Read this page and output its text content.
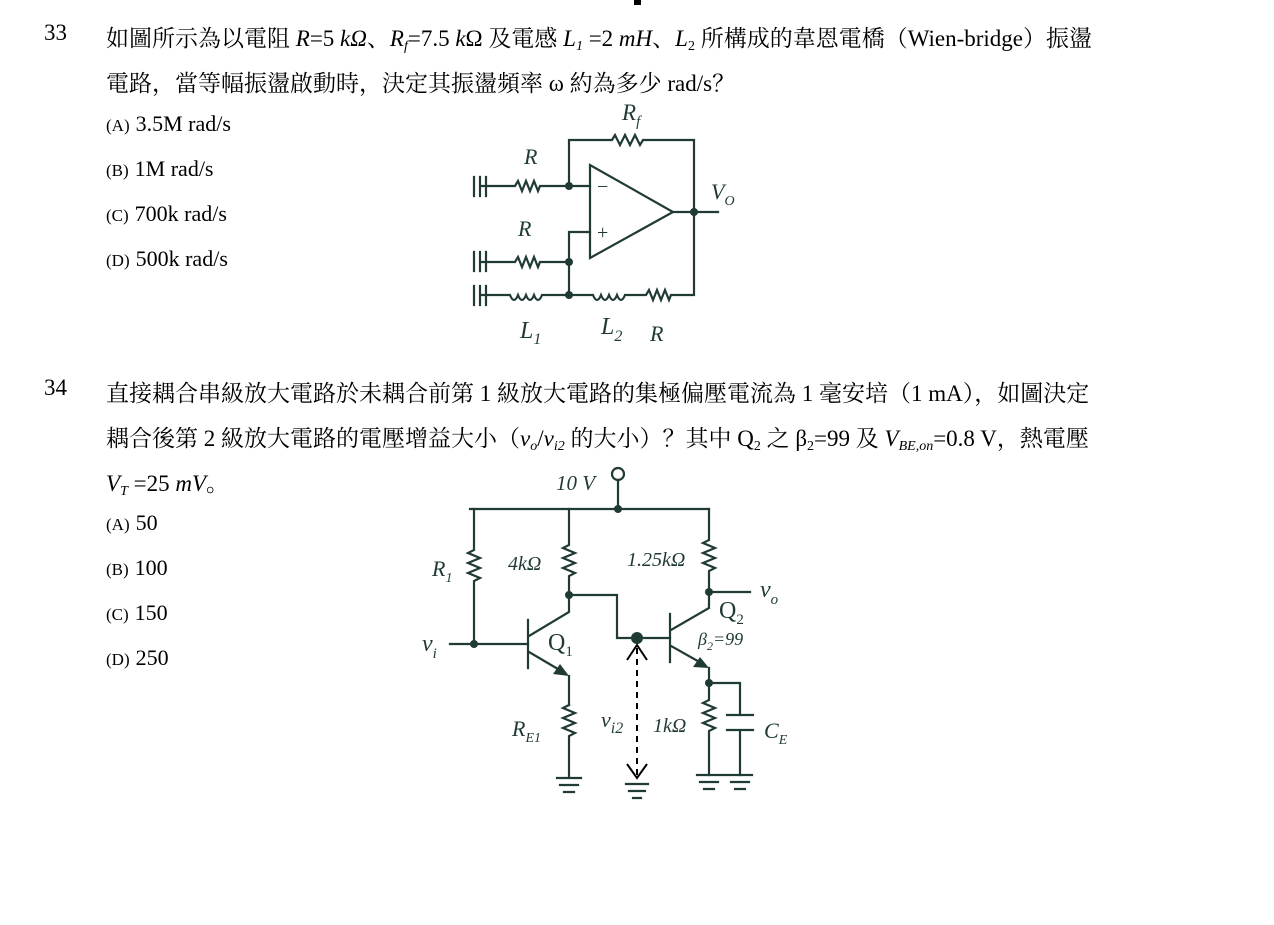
33 如圖所示為以電阻 R=5 kΩ、$R_f=7.5$ kΩ 及電感 $L_1 =2$ mH、$L_2$ 所構成的韋恩電橋（Wien-bridge）振盪
電路，當等幅振盪啟動時，決定其振盪頻率 ω 約為多少 rad/s？
(A) 3.5M rad/s
(B) 1M rad/s
(C) 700k rad/s
(D) 500k rad/s
$R_f$
−
+
$V_O$
R
R
$L_1$ $L_2$ R
34 直接耦合串級放大電路於未耦合前第 1 級放大電路的集極偏壓電流為 1 毫安培（1 mA），如圖決定
耦合後第 2 級放大電路的電壓增益大小（$v_o/v_{i2}$ 的大小）？其中 $Q_2$ 之 $\beta_2=99$ 及 $V_{BE,on}=0.8$ V，熱電壓
$V_T =25$ mV。
(A) 50
(B) 100
(C) 150
(D) 250
10 V
$R_1$
4kΩ	1.25kΩ
$v_o$
$v_i$	$Q_1$
$R_{E1}$
$v_{i2}$
$Q_2$
$\beta_2=99$
1kΩ	$C_E$
